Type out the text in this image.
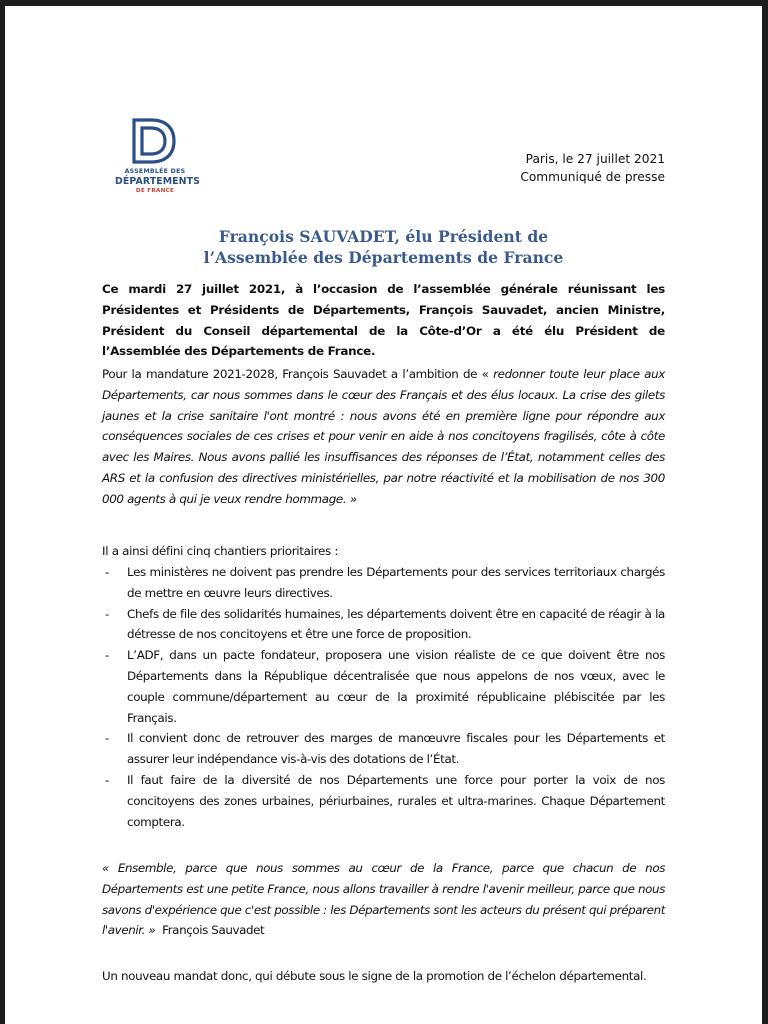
ASSEMBLÉE DES
DÉPARTEMENTS
DE FRANCE
Paris, le 27 juillet 2021
Communiqué de presse
François SAUVADET, élu Président de
l’Assemblée des Départements de France
Ce mardi 27 juillet 2021, à l’occasion de l’assemblée générale réunissant les Présidentes et Présidents de Départements, François Sauvadet, ancien Ministre, Président du Conseil départemental de la Côte-d’Or a été élu Président de l’Assemblée des Départements de France.
Pour la mandature 2021-2028, François Sauvadet a l’ambition de « redonner toute leur place aux Départements, car nous sommes dans le cœur des Français et des élus locaux. La crise des gilets jaunes et la crise sanitaire l'ont montré : nous avons été en première ligne pour répondre aux conséquences sociales de ces crises et pour venir en aide à nos concitoyens fragilisés, côte à côte avec les Maires. Nous avons pallié les insuffisances des réponses de l’État, notamment celles des ARS et la confusion des directives ministérielles, par notre réactivité et la mobilisation de nos 300 000 agents à qui je veux rendre hommage. »
Il a ainsi défini cinq chantiers prioritaires :
- Les ministères ne doivent pas prendre les Départements pour des services territoriaux chargés de mettre en œuvre leurs directives.
- Chefs de file des solidarités humaines, les départements doivent être en capacité de réagir à la détresse de nos concitoyens et être une force de proposition.
- L’ADF, dans un pacte fondateur, proposera une vision réaliste de ce que doivent être nos Départements dans la République décentralisée que nous appelons de nos vœux, avec le couple commune/département au cœur de la proximité républicaine plébiscitée par les Français.
- Il convient donc de retrouver des marges de manœuvre fiscales pour les Départements et assurer leur indépendance vis-à-vis des dotations de l’État.
- Il faut faire de la diversité de nos Départements une force pour porter la voix de nos concitoyens des zones urbaines, périurbaines, rurales et ultra-marines. Chaque Département comptera.
« Ensemble, parce que nous sommes au cœur de la France, parce que chacun de nos Départements est une petite France, nous allons travailler à rendre l'avenir meilleur, parce que nous savons d'expérience que c'est possible : les Départements sont les acteurs du présent qui préparent l'avenir. » François Sauvadet
Un nouveau mandat donc, qui débute sous le signe de la promotion de l’échelon départemental.
